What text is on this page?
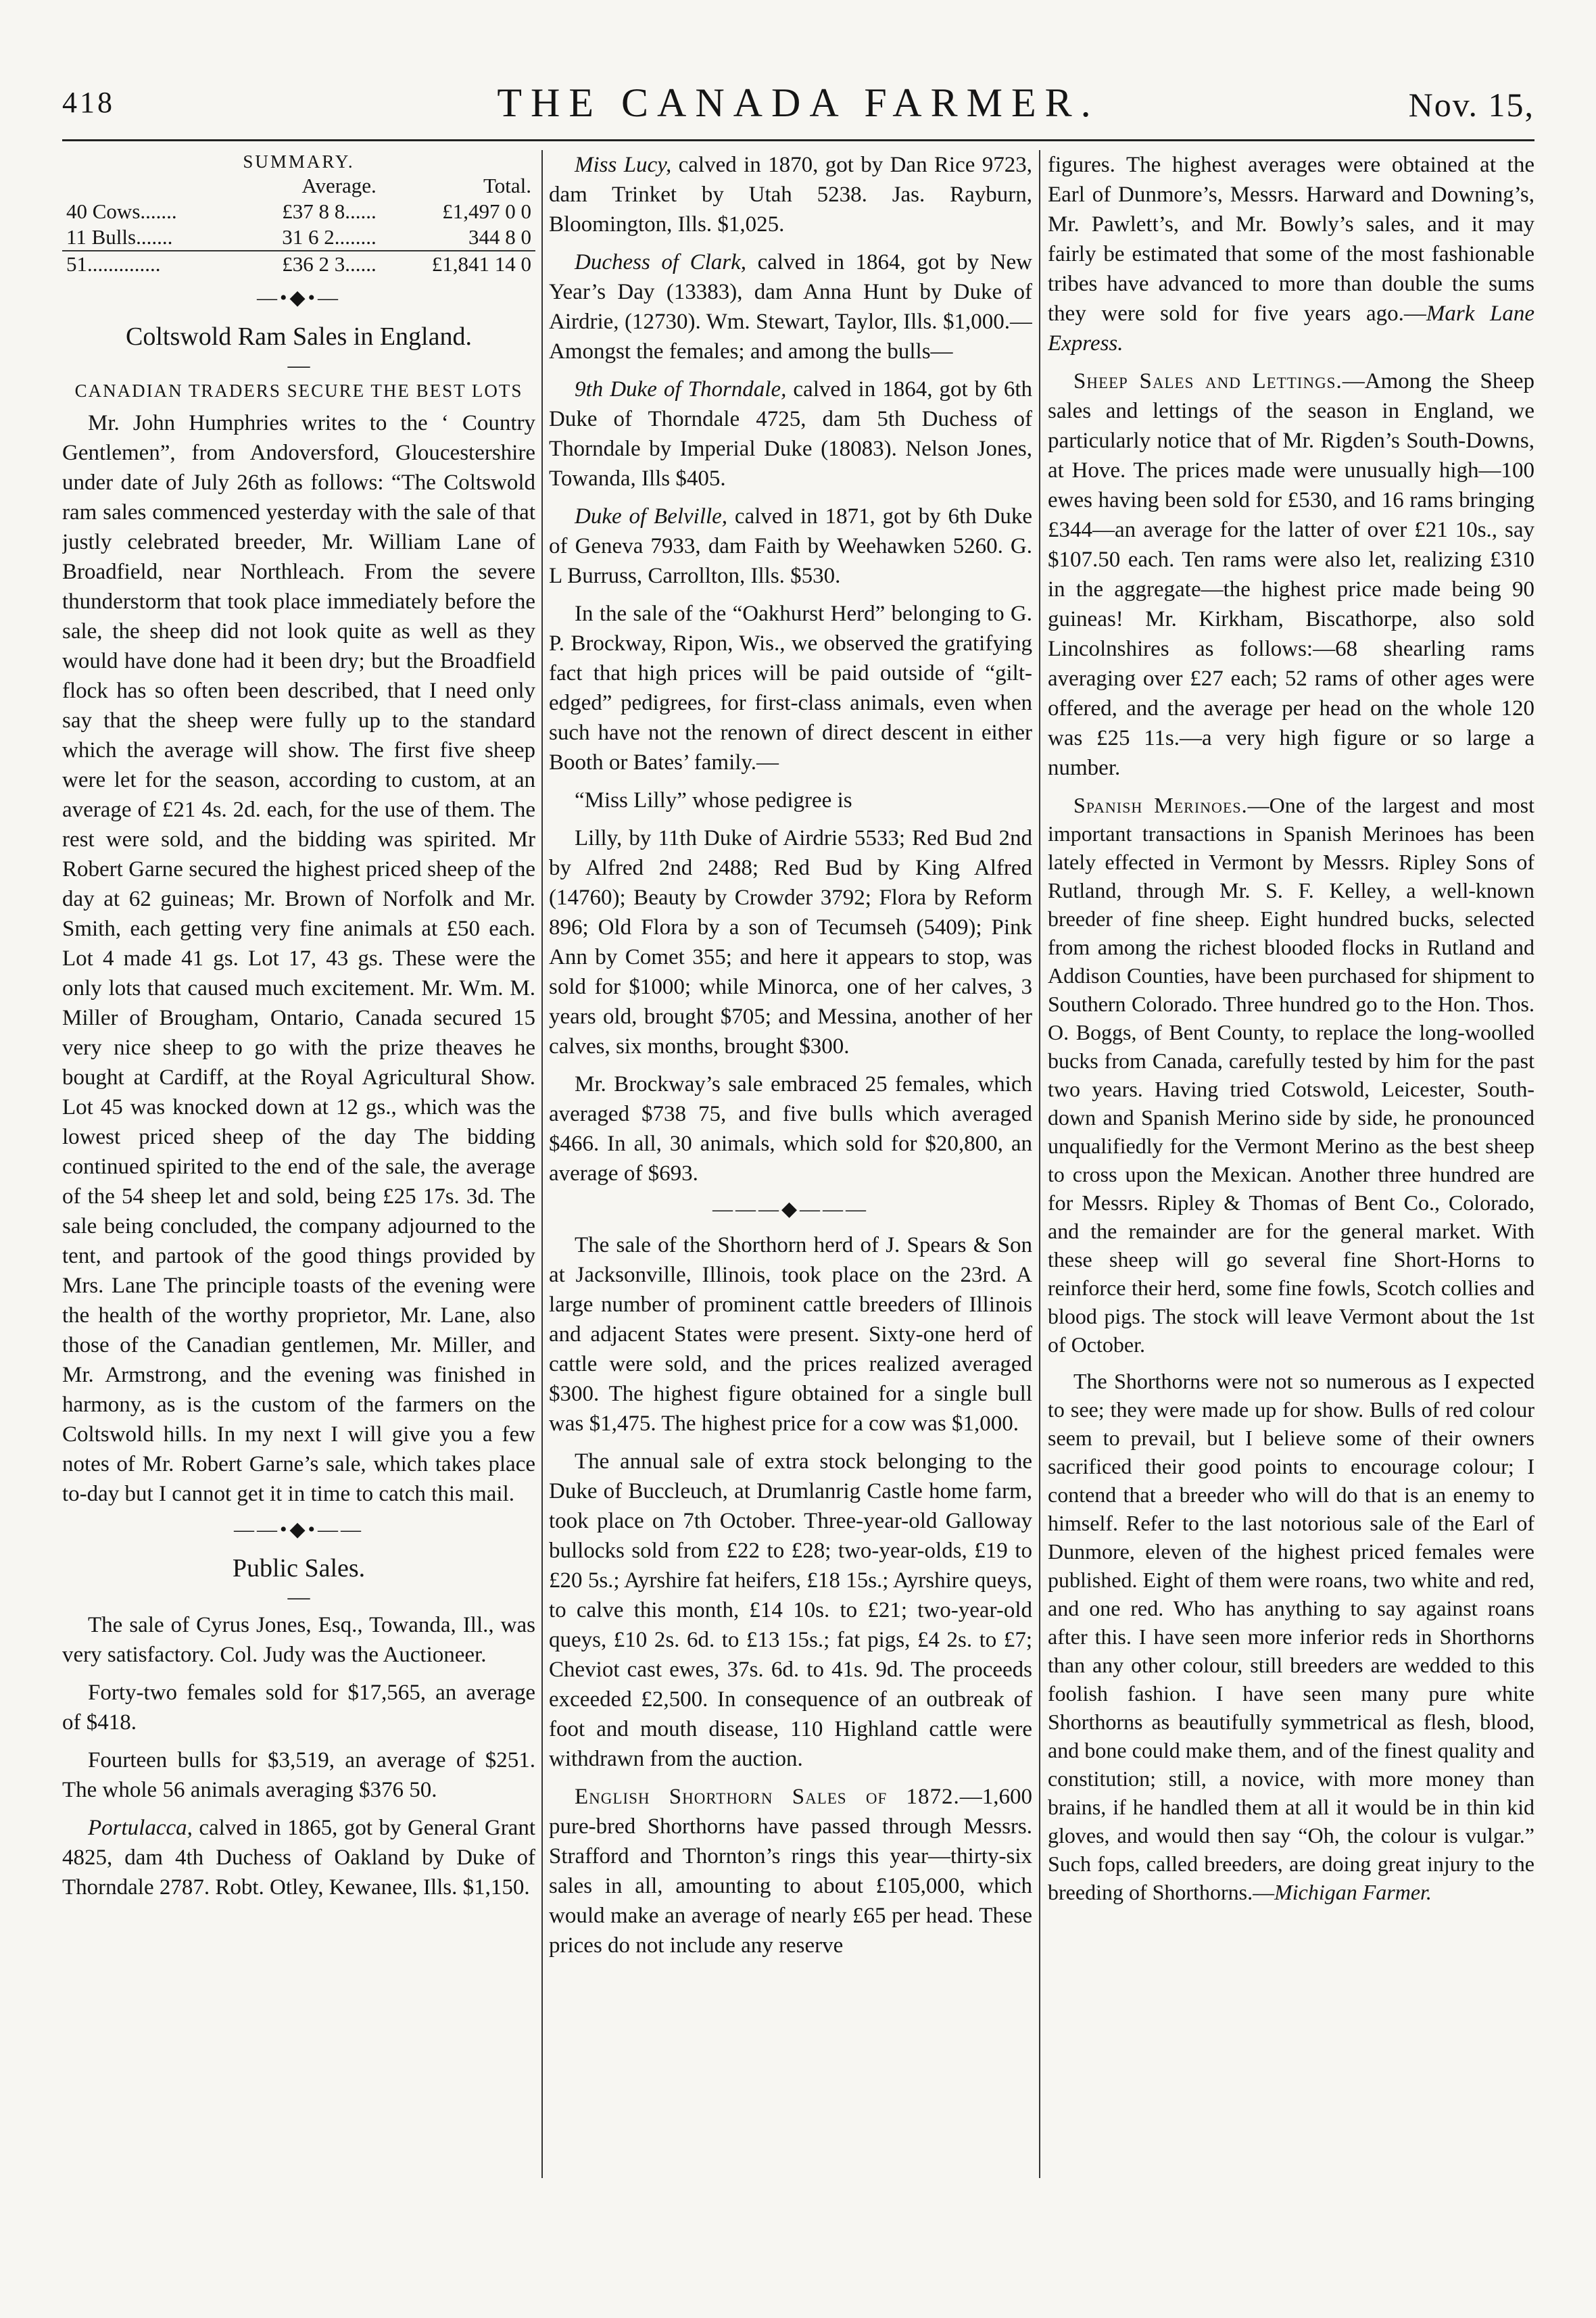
418	THE CANADA FARMER.	Nov. 15,
SUMMARY.
	Average.	Total.
40 Cows.......	£37 8 8......	£1,497 0 0
11 Bulls.......	31 6 2........	344 8 0
51..............	£36 2 3......	£1,841 14 0
—•◆•—
Coltswold Ram Sales in England.
—
CANADIAN TRADERS SECURE THE BEST LOTS

Mr. John Humphries writes to the ‘ Country Gentlemen”, from Andoversford, Gloucestershire under date of July 26th as follows: “The Coltswold ram sales commenced yesterday with the sale of that justly celebrated breeder, Mr. William Lane of Broadfield, near Northleach. From the severe thunderstorm that took place immediately before the sale, the sheep did not look quite as well as they would have done had it been dry; but the Broadfield flock has so often been described, that I need only say that the sheep were fully up to the standard which the average will show. The first five sheep were let for the season, according to custom, at an average of £21 4s. 2d. each, for the use of them. The rest were sold, and the bidding was spirited. Mr Robert Garne secured the highest priced sheep of the day at 62 guineas; Mr. Brown of Norfolk and Mr. Smith, each getting very fine animals at £50 each. Lot 4 made 41 gs. Lot 17, 43 gs. These were the only lots that caused much excitement. Mr. Wm. M. Miller of Brougham, Ontario, Canada secured 15 very nice sheep to go with the prize theaves he bought at Cardiff, at the Royal Agricultural Show. Lot 45 was knocked down at 12 gs., which was the lowest priced sheep of the day The bidding continued spirited to the end of the sale, the average of the 54 sheep let and sold, being £25 17s. 3d. The sale being concluded, the company adjourned to the tent, and partook of the good things provided by Mrs. Lane The principle toasts of the evening were the health of the worthy proprietor, Mr. Lane, also those of the Canadian gentlemen, Mr. Miller, and Mr. Armstrong, and the evening was finished in harmony, as is the custom of the farmers on the Coltswold hills. In my next I will give you a few notes of Mr. Robert Garne’s sale, which takes place to-day but I cannot get it in time to catch this mail.

——•◆•——
Public Sales.
—

The sale of Cyrus Jones, Esq., Towanda, Ill., was very satisfactory. Col. Judy was the Auctioneer.

Forty-two females sold for $17,565, an average of $418.

Fourteen bulls for $3,519, an average of $251. The whole 56 animals averaging $376 50.

Portulacca, calved in 1865, got by General Grant 4825, dam 4th Duchess of Oakland by Duke of Thorndale 2787. Robt. Otley, Kewanee, Ills. $1,150.

Miss Lucy, calved in 1870, got by Dan Rice 9723, dam Trinket by Utah 5238. Jas. Rayburn, Bloomington, Ills. $1,025.

Duchess of Clark, calved in 1864, got by New Year’s Day (13383), dam Anna Hunt by Duke of Airdrie, (12730). Wm. Stewart, Taylor, Ills. $1,000.—Amongst the females; and among the bulls—

9th Duke of Thorndale, calved in 1864, got by 6th Duke of Thorndale 4725, dam 5th Duchess of Thorndale by Imperial Duke (18083). Nelson Jones, Towanda, Ills $405.

Duke of Belville, calved in 1871, got by 6th Duke of Geneva 7933, dam Faith by Weehawken 5260. G. L Burruss, Carrollton, Ills. $530.

In the sale of the “Oakhurst Herd” belonging to G. P. Brockway, Ripon, Wis., we observed the gratifying fact that high prices will be paid outside of “gilt-edged” pedigrees, for first-class animals, even when such have not the renown of direct descent in either Booth or Bates’ family.—

“Miss Lilly” whose pedigree is

Lilly, by 11th Duke of Airdrie 5533; Red Bud 2nd by Alfred 2nd 2488; Red Bud by King Alfred (14760); Beauty by Crowder 3792; Flora by Reform 896; Old Flora by a son of Tecumseh (5409); Pink Ann by Comet 355; and here it appears to stop, was sold for $1000; while Minorca, one of her calves, 3 years old, brought $705; and Messina, another of her calves, six months, brought $300.

Mr. Brockway’s sale embraced 25 females, which averaged $738 75, and five bulls which averaged $466. In all, 30 animals, which sold for $20,800, an average of $693.

———◆———

The sale of the Shorthorn herd of J. Spears & Son at Jacksonville, Illinois, took place on the 23rd. A large number of prominent cattle breeders of Illinois and adjacent States were present. Sixty-one herd of cattle were sold, and the prices realized averaged $300. The highest figure obtained for a single bull was $1,475. The highest price for a cow was $1,000.

The annual sale of extra stock belonging to the Duke of Buccleuch, at Drumlanrig Castle home farm, took place on 7th October. Three-year-old Galloway bullocks sold from £22 to £28; two-year-olds, £19 to £20 5s.; Ayrshire fat heifers, £18 15s.; Ayrshire queys, to calve this month, £14 10s. to £21; two-year-old queys, £10 2s. 6d. to £13 15s.; fat pigs, £4 2s. to £7; Cheviot cast ewes, 37s. 6d. to 41s. 9d. The proceeds exceeded £2,500. In consequence of an outbreak of foot and mouth disease, 110 Highland cattle were withdrawn from the auction.

English Shorthorn Sales of 1872.—1,600 pure-bred Shorthorns have passed through Messrs. Strafford and Thornton’s rings this year—thirty-six sales in all, amounting to about £105,000, which would make an average of nearly £65 per head. These prices do not include any reserve

figures. The highest averages were obtained at the Earl of Dunmore’s, Messrs. Harward and Downing’s, Mr. Pawlett’s, and Mr. Bowly’s sales, and it may fairly be estimated that some of the most fashionable tribes have advanced to more than double the sums they were sold for five years ago.—Mark Lane Express.

Sheep Sales and Lettings.—Among the Sheep sales and lettings of the season in England, we particularly notice that of Mr. Rigden’s South-Downs, at Hove. The prices made were unusually high—100 ewes having been sold for £530, and 16 rams bringing £344—an average for the latter of over £21 10s., say $107.50 each. Ten rams were also let, realizing £310 in the aggregate—the highest price made being 90 guineas! Mr. Kirkham, Biscathorpe, also sold Lincolnshires as follows:—68 shearling rams averaging over £27 each; 52 rams of other ages were offered, and the average per head on the whole 120 was £25 11s.—a very high figure or so large a number.

Spanish Merinoes.—One of the largest and most important transactions in Spanish Merinoes has been lately effected in Vermont by Messrs. Ripley Sons of Rutland, through Mr. S. F. Kelley, a well-known breeder of fine sheep. Eight hundred bucks, selected from among the richest blooded flocks in Rutland and Addison Counties, have been purchased for shipment to Southern Colorado. Three hundred go to the Hon. Thos. O. Boggs, of Bent County, to replace the long-woolled bucks from Canada, carefully tested by him for the past two years. Having tried Cotswold, Leicester, South-down and Spanish Merino side by side, he pronounced unqualifiedly for the Vermont Merino as the best sheep to cross upon the Mexican. Another three hundred are for Messrs. Ripley & Thomas of Bent Co., Colorado, and the remainder are for the general market. With these sheep will go several fine Short-Horns to reinforce their herd, some fine fowls, Scotch collies and blood pigs. The stock will leave Vermont about the 1st of October.

The Shorthorns were not so numerous as I expected to see; they were made up for show. Bulls of red colour seem to prevail, but I believe some of their owners sacrificed their good points to encourage colour; I contend that a breeder who will do that is an enemy to himself. Refer to the last notorious sale of the Earl of Dunmore, eleven of the highest priced females were published. Eight of them were roans, two white and red, and one red. Who has anything to say against roans after this. I have seen more inferior reds in Shorthorns than any other colour, still breeders are wedded to this foolish fashion. I have seen many pure white Shorthorns as beautifully symmetrical as flesh, blood, and bone could make them, and of the finest quality and constitution; still, a novice, with more money than brains, if he handled them at all it would be in thin kid gloves, and would then say “Oh, the colour is vulgar.” Such fops, called breeders, are doing great injury to the breeding of Shorthorns.—Michigan Farmer.
